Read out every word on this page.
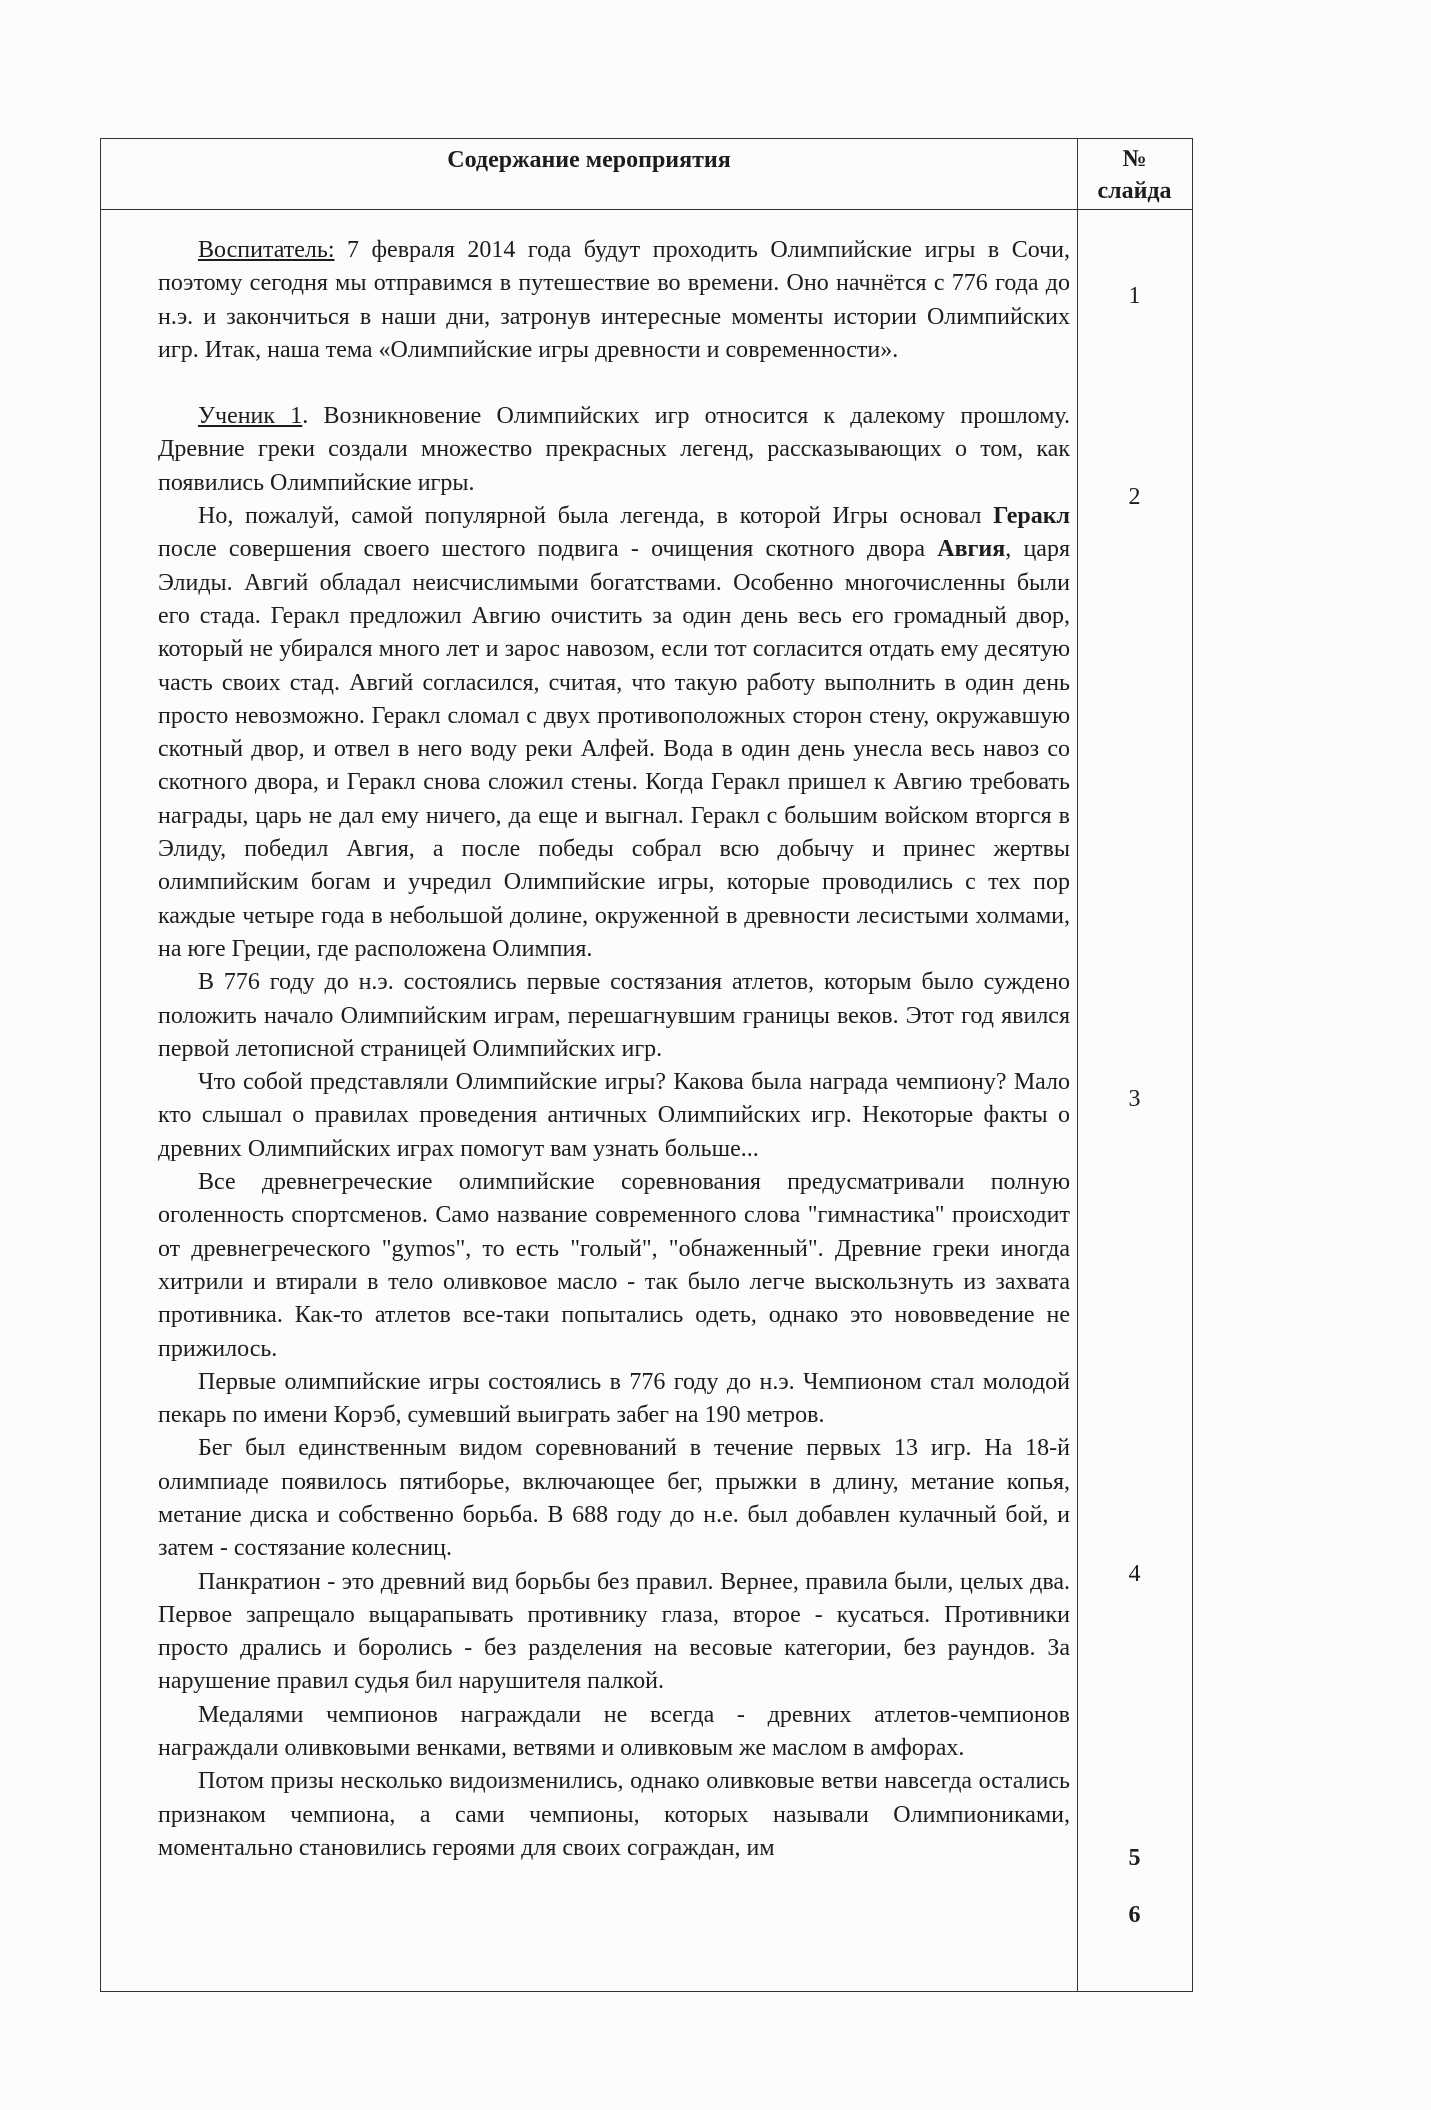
Содержание мероприятия	№
слайда

Воспитатель: 7 февраля 2014 года будут проходить Олимпийские игры в Сочи, поэтому сегодня мы отправимся в путешествие во времени. Оно начнётся с 776 года до н.э. и закончиться в наши дни, затронув интересные моменты истории Олимпийских игр. Итак, наша тема «Олимпийские игры древности и современности».

Ученик 1. Возникновение Олимпийских игр относится к далекому прошлому. Древние греки создали множество прекрасных легенд, рассказывающих о том, как появились Олимпийские игры.

Но, пожалуй, самой популярной была легенда, в которой Игры основал Геракл после совершения своего шестого подвига - очищения скотного двора Авгия, царя Элиды. Авгий обладал неисчислимыми богатствами. Особенно многочисленны были его стада. Геракл предложил Авгию очистить за один день весь его громадный двор, который не убирался много лет и зарос навозом, если тот согласится отдать ему десятую часть своих стад. Авгий согласился, считая, что такую работу выполнить в один день просто невозможно. Геракл сломал с двух противоположных сторон стену, окружавшую скотный двор, и отвел в него воду реки Алфей. Вода в один день унесла весь навоз со скотного двора, и Геракл снова сложил стены. Когда Геракл пришел к Авгию требовать награды, царь не дал ему ничего, да еще и выгнал. Геракл с большим войском вторгся в Элиду, победил Авгия, а после победы собрал всю добычу и принес жертвы олимпийским богам и учредил Олимпийские игры, которые проводились с тех пор каждые четыре года в небольшой долине, окруженной в древности лесистыми холмами, на юге Греции, где расположена Олимпия.

В 776 году до н.э. состоялись первые состязания атлетов, которым было суждено положить начало Олимпийским играм, перешагнувшим границы веков. Этот год явился первой летописной страницей Олимпийских игр.

Что собой представляли Олимпийские игры? Какова была награда чемпиону? Мало кто слышал о правилах проведения античных Олимпийских игр. Некоторые факты о древних Олимпийских играх помогут вам узнать больше...

Все древнегреческие олимпийские соревнования предусматривали полную оголенность спортсменов. Само название современного слова "гимнастика" происходит от древнегреческого "gymos", то есть "голый", "обнаженный". Древние греки иногда хитрили и втирали в тело оливковое масло - так было легче выскользнуть из захвата противника. Как-то атлетов все-таки попытались одеть, однако это нововведение не прижилось.

Первые олимпийские игры состоялись в 776 году до н.э. Чемпионом стал молодой пекарь по имени Корэб, сумевший выиграть забег на 190 метров.

Бег был единственным видом соревнований в течение первых 13 игр. На 18-й олимпиаде появилось пятиборье, включающее бег, прыжки в длину, метание копья, метание диска и собственно борьба. В 688 году до н.е. был добавлен кулачный бой, и затем - состязание колесниц.

Панкратион - это древний вид борьбы без правил. Вернее, правила были, целых два. Первое запрещало выцарапывать противнику глаза, второе - кусаться. Противники просто дрались и боролись - без разделения на весовые категории, без раундов. За нарушение правил судья бил нарушителя палкой.

Медалями чемпионов награждали не всегда - древних атлетов-чемпионов награждали оливковыми венками, ветвями и оливковым же маслом в амфорах.

Потом призы несколько видоизменились, однако оливковые ветви навсегда остались признаком чемпиона, а сами чемпионы, которых называли Олимпиониками, моментально становились героями для своих сограждан, им

1
2
3
4
5
6
